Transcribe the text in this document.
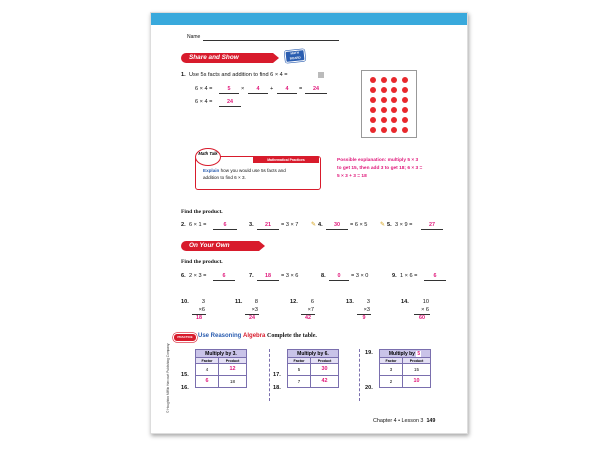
Name
Share and Show
MATH BOARD
1. Use 5s facts and addition to find 6 × 4 =
6 × 4 =	5	×	4	+	4	=	24
6 × 4 =	24
Mathematical Practices
Math Talk
Explain how you would use 5s facts and
addition to find 6 × 3.
Possible explanation: multiply 5 × 3
to get 15, then add 3 to get 18; 6 × 3 =
5 × 3 + 3 = 18
Find the product.
2. 6 × 1 =	6	3.	21	= 3 × 7 ✎ 4.	30	= 6 × 5 ✎ 5. 3 × 9 =	27
On Your Own
Find the product.
6. 2 × 3 =	6	7.	18	= 3 × 6	8.	0	= 3 × 0	9. 1 × 6 =	6
10.	3
×6
18
11.	8
×3
24
12.	6
×7
42
13.	3
×3
9
14.	10
× 6
60
PRACTICE Use Reasoning Algebra Complete the table.
© Houghton Mifflin Harcourt Publishing Company 15.
16.
Multiply by 3.	
Factor	Product
4	12
6	18
17.
18.
Multiply by 6.	
Factor	Product
5	30
7	42
19.
20.
Multiply by 5	
Factor	Product
3	15
2	10
Chapter 4 • Lesson 3 149
